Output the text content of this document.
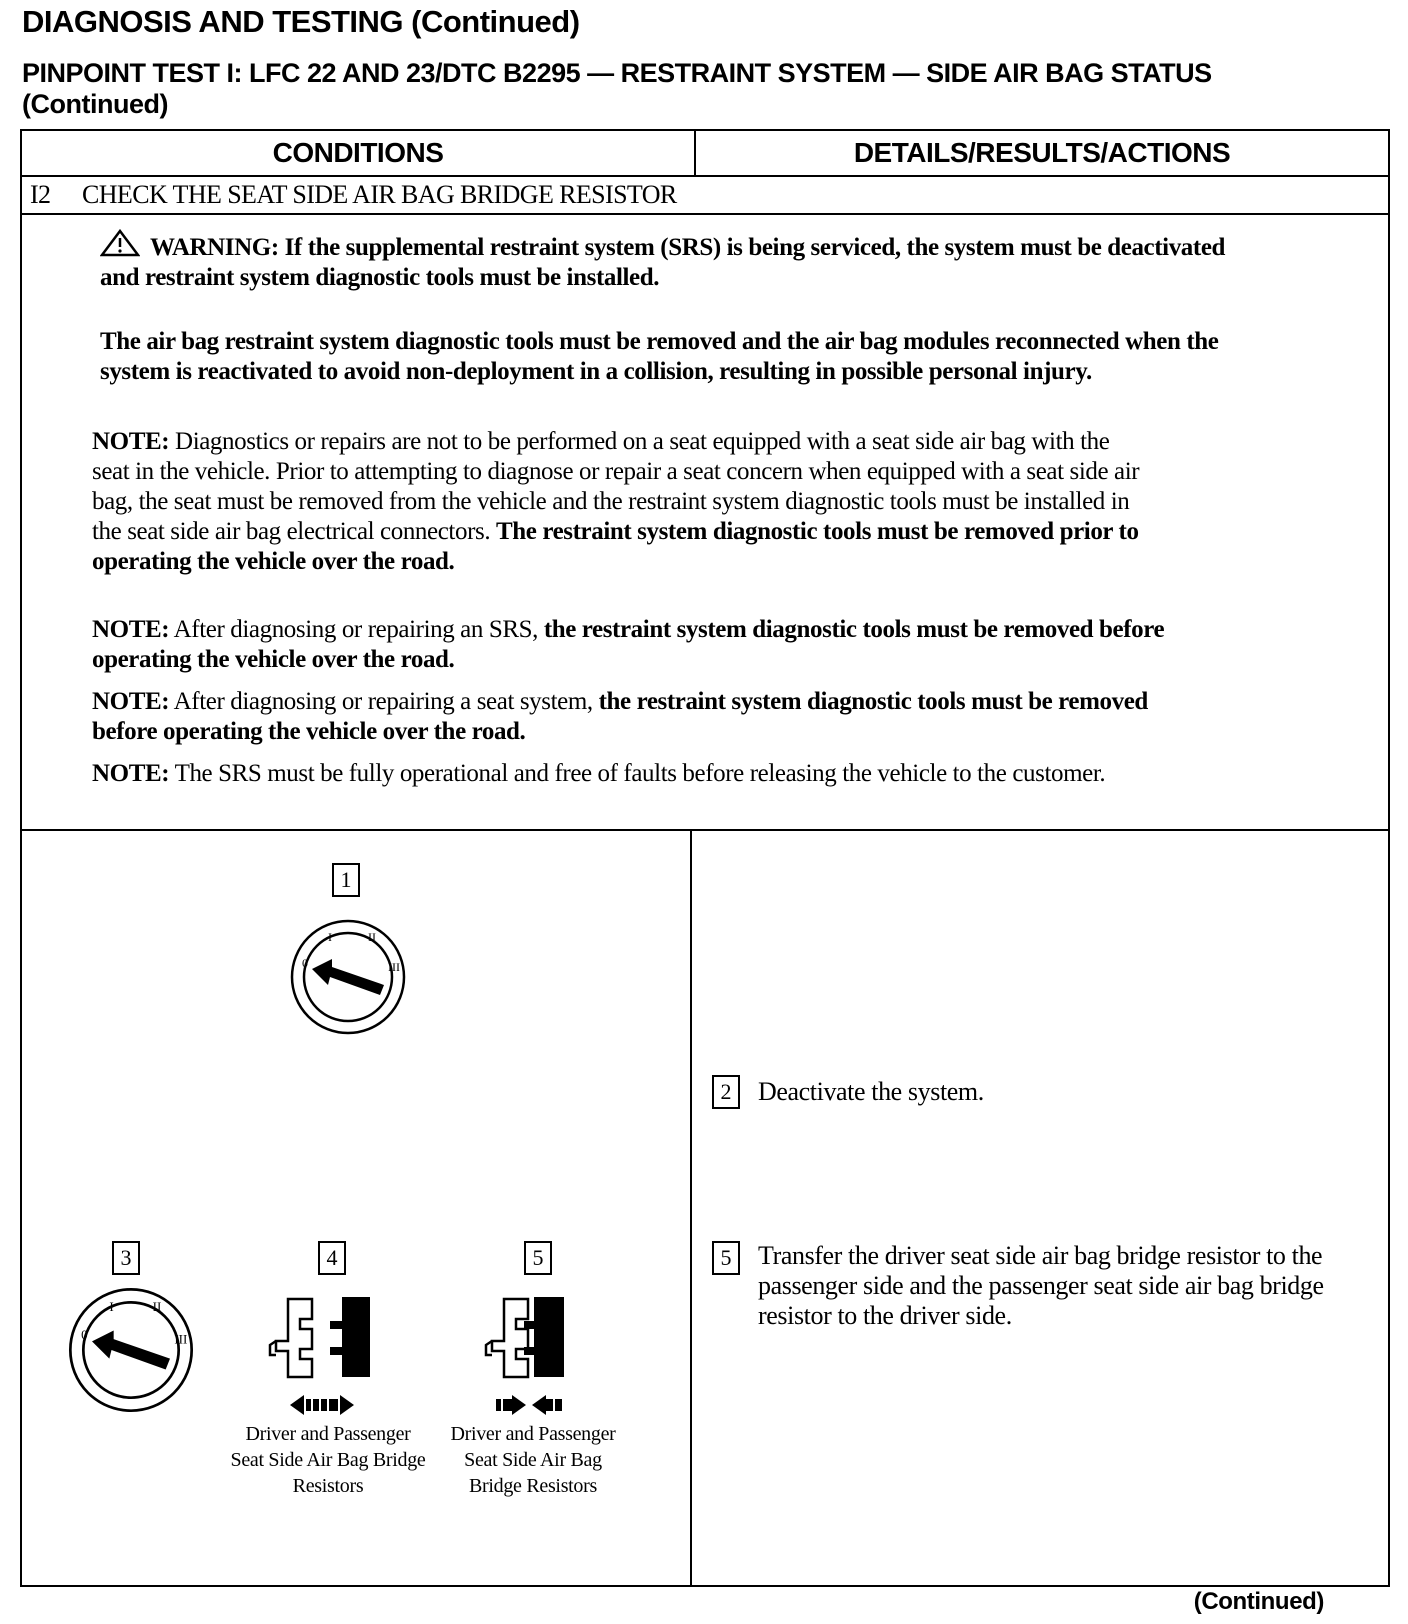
DIAGNOSIS AND TESTING (Continued)
PINPOINT TEST I: LFC 22 AND 23/DTC B2295 — RESTRAINT SYSTEM — SIDE AIR BAG STATUS (Continued)
CONDITIONS	DETAILS/RESULTS/ACTIONS
I2 CHECK THE SEAT SIDE AIR BAG BRIDGE RESISTOR
WARNING: If the supplemental restraint system (SRS) is being serviced, the system must be deactivated and restraint system diagnostic tools must be installed.
The air bag restraint system diagnostic tools must be removed and the air bag modules reconnected when the system is reactivated to avoid non-deployment in a collision, resulting in possible personal injury.
NOTE: Diagnostics or repairs are not to be performed on a seat equipped with a seat side air bag with the seat in the vehicle. Prior to attempting to diagnose or repair a seat concern when equipped with a seat side air bag, the seat must be removed from the vehicle and the restraint system diagnostic tools must be installed in the seat side air bag electrical connectors. The restraint system diagnostic tools must be removed prior to operating the vehicle over the road.
NOTE: After diagnosing or repairing an SRS, the restraint system diagnostic tools must be removed before operating the vehicle over the road.
NOTE: After diagnosing or repairing a seat system, the restraint system diagnostic tools must be removed before operating the vehicle over the road.
NOTE: The SRS must be fully operational and free of faults before releasing the vehicle to the customer.
1
0
I	II
III
3
0
I	II
III
4
Driver and Passenger Seat Side Air Bag Bridge Resistors
5
Driver and Passenger Seat Side Air Bag Bridge Resistors
2	Deactivate the system.
5	Transfer the driver seat side air bag bridge resistor to the passenger side and the passenger seat side air bag bridge resistor to the driver side.
(Continued)
